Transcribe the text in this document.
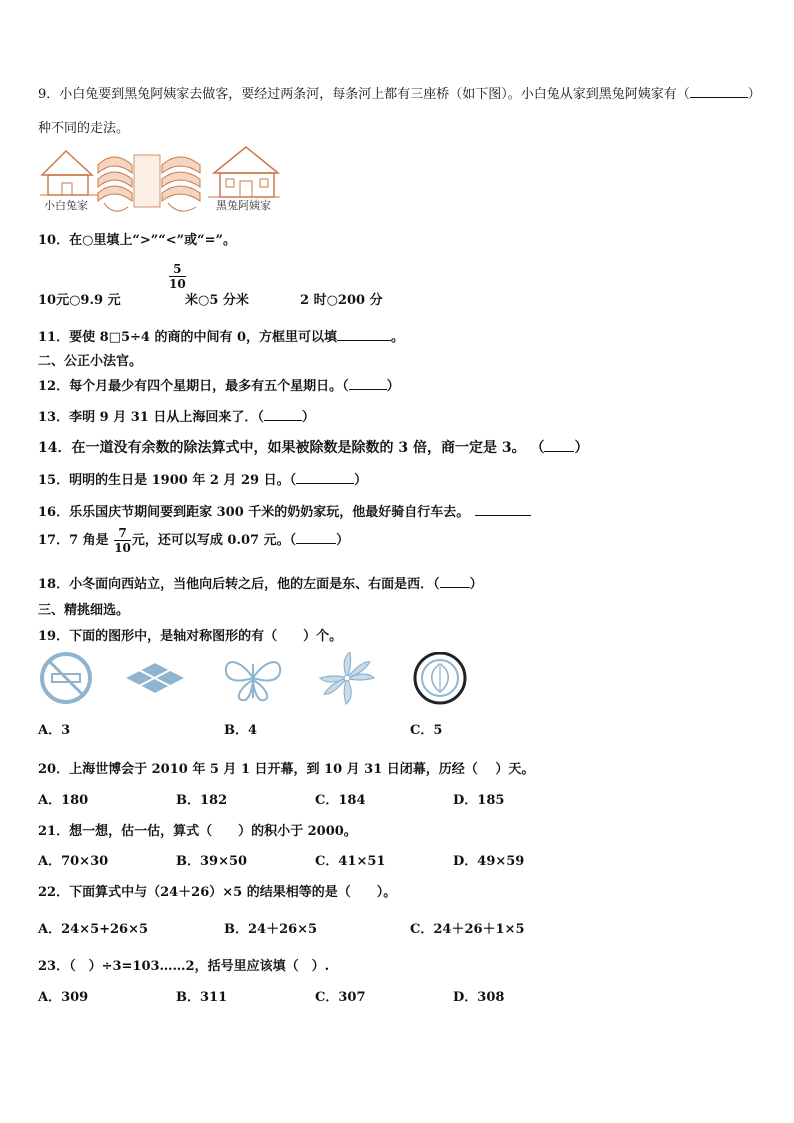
9．小白兔要到黑兔阿姨家去做客，要经过两条河，每条河上都有三座桥（如下图）。小白兔从家到黑兔阿姨家有（	）
种不同的走法。
小白兔家	黑兔阿姨家
10．在○里填上“>”“<”或“=”。
10元○9.9 元
$\frac{5}{10}$
米○5 分米	2 时○200 分
11．要使 8□5÷4 的商的中间有 0，方框里可以填	。
二、公正小法官。
12．每个月最少有四个星期日，最多有五个星期日。（	）
13．李明 9 月 31 日从上海回来了．（	）
14．在一道没有余数的除法算式中，如果被除数是除数的 3 倍，商一定是 3。 （ ）
15．明明的生日是 1900 年 2 月 29 日。（	）
16．乐乐国庆节期间要到距家 300 千米的奶奶家玩，他最好骑自行车去。
17．7 角是 $\frac{7}{10}$ 元，还可以写成 0.07 元。（	）
18．小冬面向西站立，当他向后转之后，他的左面是东、右面是西．（ ）
三、精挑细选。
19．下面的图形中，是轴对称图形的有（　　）个。
A．3	B．4	C．5
20．上海世博会于 2010 年 5 月 1 日开幕，到 10 月 31 日闭幕，历经（　 ）天。
A．180	B．182	C．184	D．185
21．想一想，估一估，算式（　　）的积小于 2000。
A．70×30	B．39×50	C．41×51	D．49×59
22．下面算式中与（24＋26）×5 的结果相等的是（　　）。
A．24×5+26×5	B．24＋26×5	C．24＋26＋1×5
23．（　）÷3=103……2，括号里应该填（　）.
A．309	B．311	C．307	D．308
